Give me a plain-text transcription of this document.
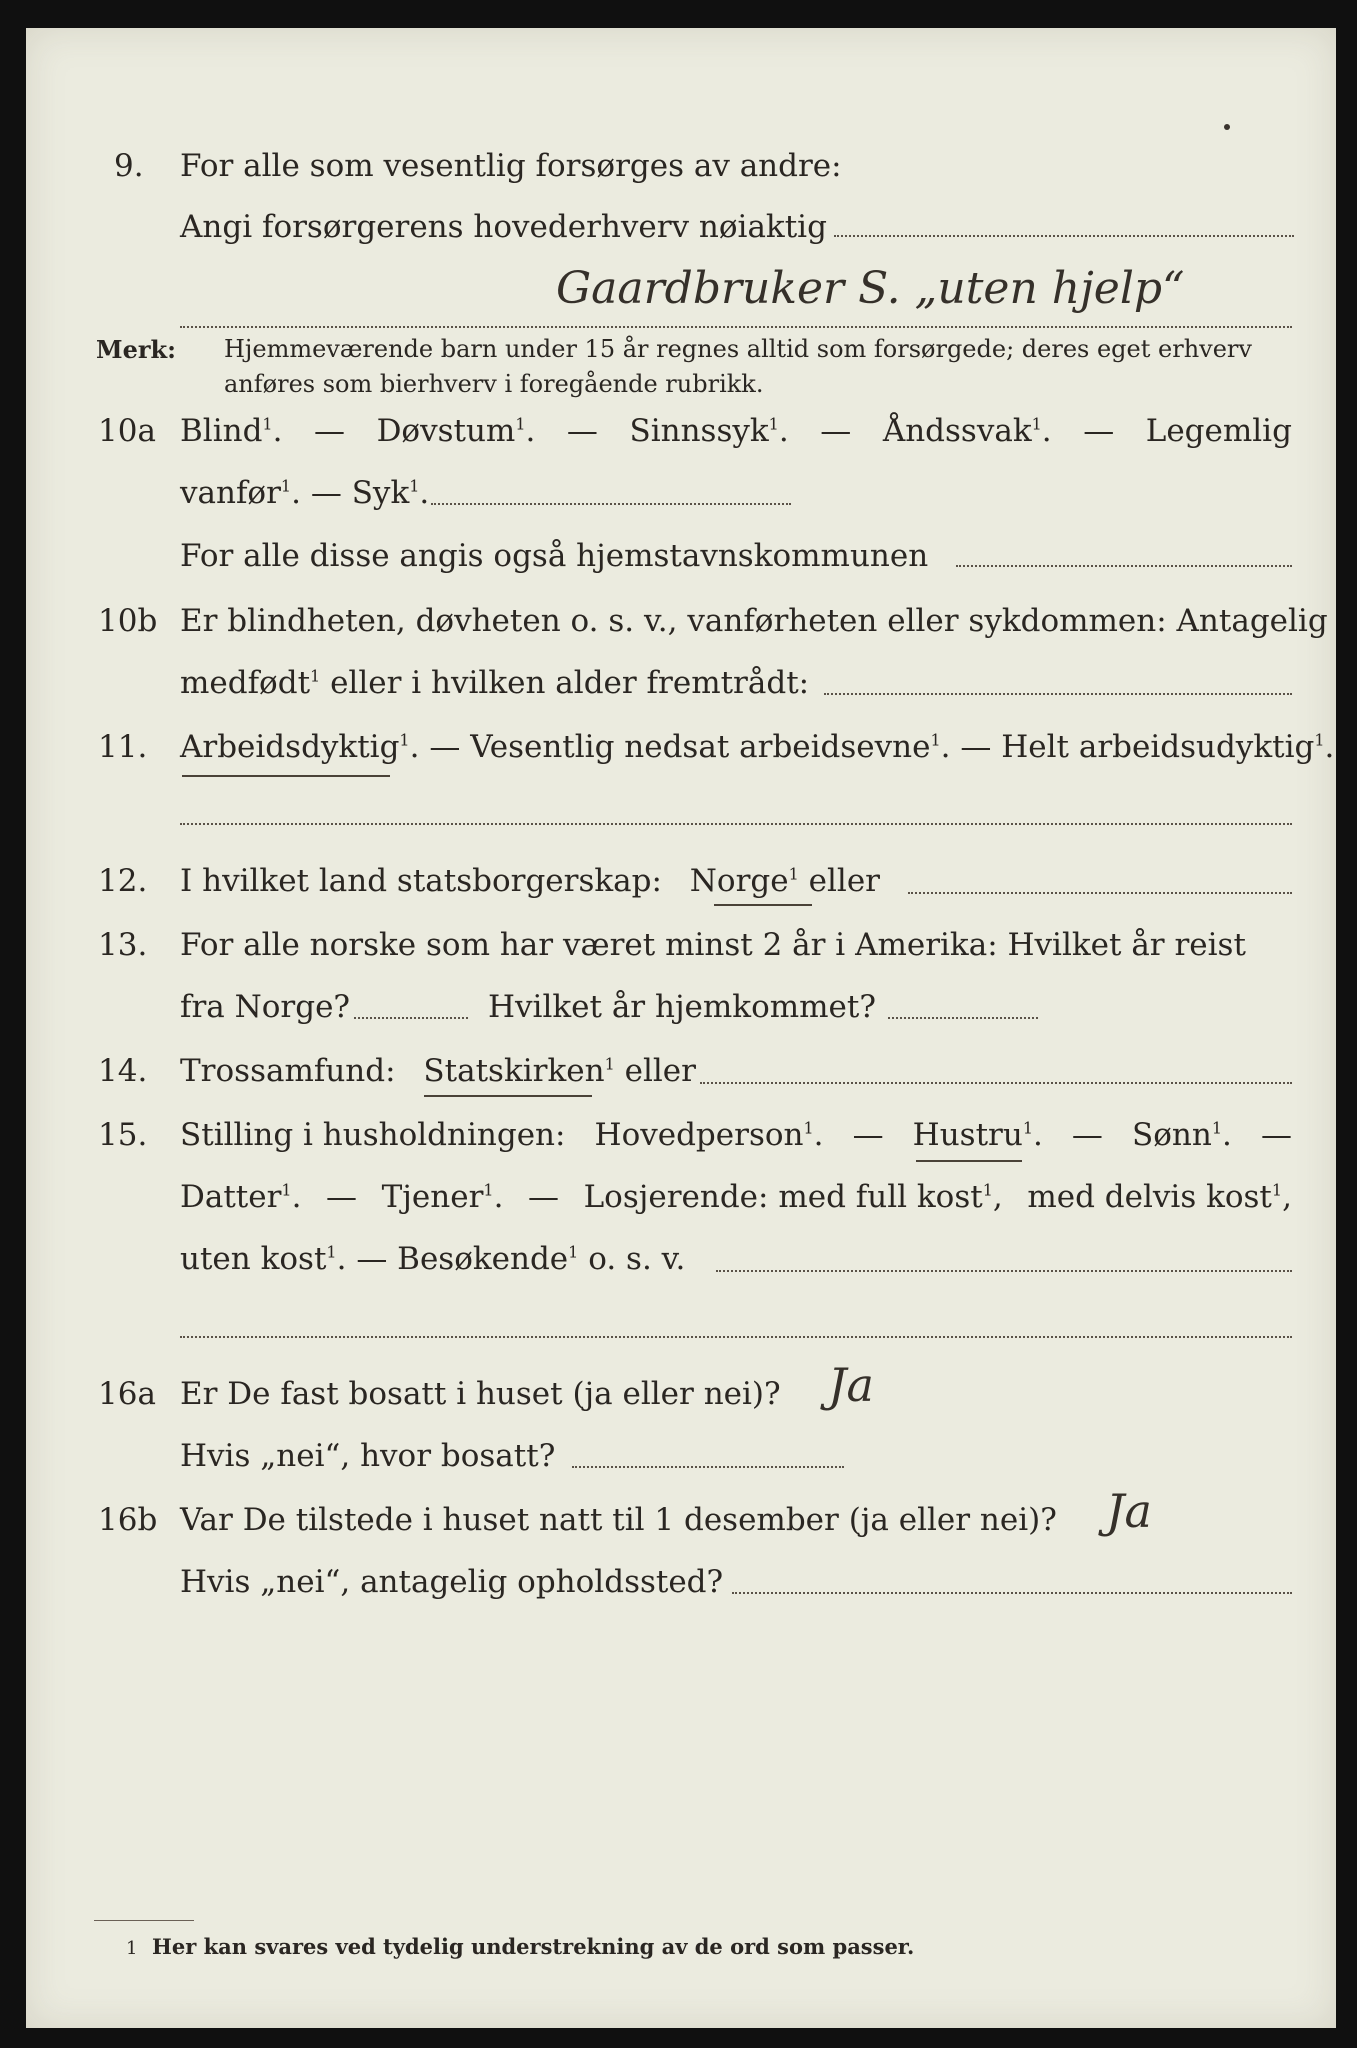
9. For alle som vesentlig forsørges av andre:
Angi forsørgerens hovederhverv nøiaktig
Gaardbruker S. „uten hjelp“
Merk: Hjemmeværende barn under 15 år regnes alltid som forsørgede; deres eget erhverv
anføres som bierhverv i foregående rubrikk.
10a Blind$^1$. — Døvstum$^1$. — Sinnssyk$^1$. — Åndssvak$^1$. — Legemlig
vanfør$^1$. — Syk$^1$.
For alle disse angis også hjemstavnskommunen
10b Er blindheten, døvheten o. s. v., vanførheten eller sykdommen: Antagelig
medfødt$^1$ eller i hvilken alder fremtrådt:
11. Arbeidsdyktig$^1$. — Vesentlig nedsat arbeidsevne$^1$. — Helt arbeidsudyktig$^1$.
12. I hvilket land statsborgerskap: Norge$^1$ eller
13. For alle norske som har været minst 2 år i Amerika: Hvilket år reist
fra Norge?	Hvilket år hjemkommet?
14. Trossamfund: Statskirken$^1$ eller
15. Stilling i husholdningen: Hovedperson$^1$. — Hustru$^1$. — Sønn$^1$. —
Datter$^1$. — Tjener$^1$. — Losjerende: med full kost$^1$, med delvis kost$^1$,
uten kost$^1$. — Besøkende$^1$ o. s. v.
16a Er De fast bosatt i huset (ja eller nei)? Ja
Hvis „nei“, hvor bosatt?
16b Var De tilstede i huset natt til 1 desember (ja eller nei)? Ja
Hvis „nei“, antagelig opholdssted?
1 Her kan svares ved tydelig understrekning av de ord som passer.
